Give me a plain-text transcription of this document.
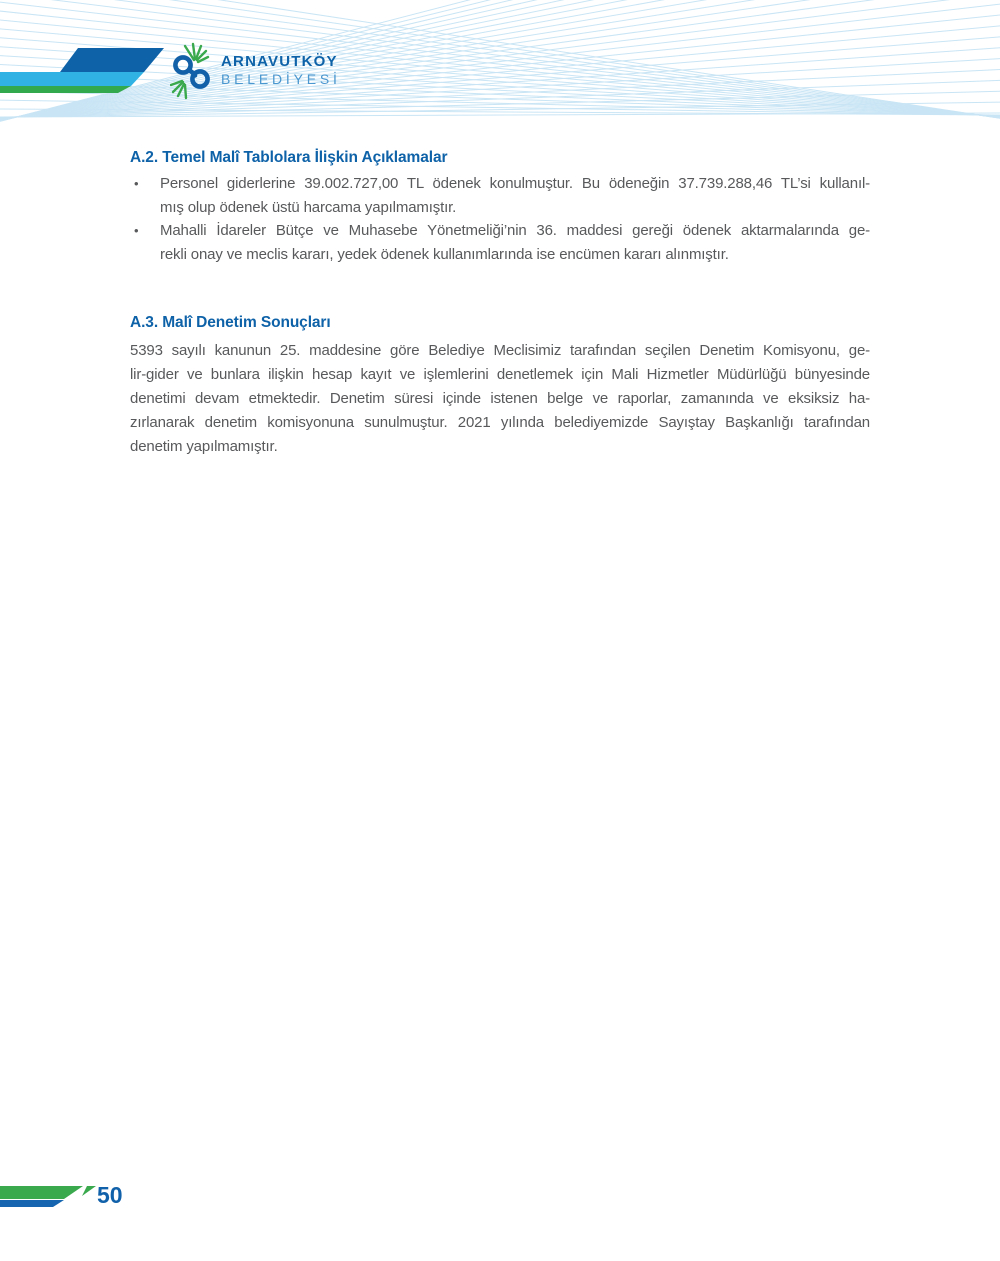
ARNAVUTKÖY
BELEDİYESİ
A.2. Temel Malî Tablolara İlişkin Açıklamalar
• Personel giderlerine 39.002.727,00 TL ödenek konulmuştur. Bu ödeneğin 37.739.288,46 TL’si kullanıl-
mış olup ödenek üstü harcama yapılmamıştır.
• Mahalli İdareler Bütçe ve Muhasebe Yönetmeliği’nin 36. maddesi gereği ödenek aktarmalarında ge-
rekli onay ve meclis kararı, yedek ödenek kullanımlarında ise encümen kararı alınmıştır.
A.3. Malî Denetim Sonuçları
5393 sayılı kanunun 25. maddesine göre Belediye Meclisimiz tarafından seçilen Denetim Komisyonu, ge-
lir-gider ve bunlara ilişkin hesap kayıt ve işlemlerini denetlemek için Mali Hizmetler Müdürlüğü bünyesinde
denetimi devam etmektedir. Denetim süresi içinde istenen belge ve raporlar, zamanında ve eksiksiz ha-
zırlanarak denetim komisyonuna sunulmuştur. 2021 yılında belediyemizde Sayıştay Başkanlığı tarafından
denetim yapılmamıştır.
50
